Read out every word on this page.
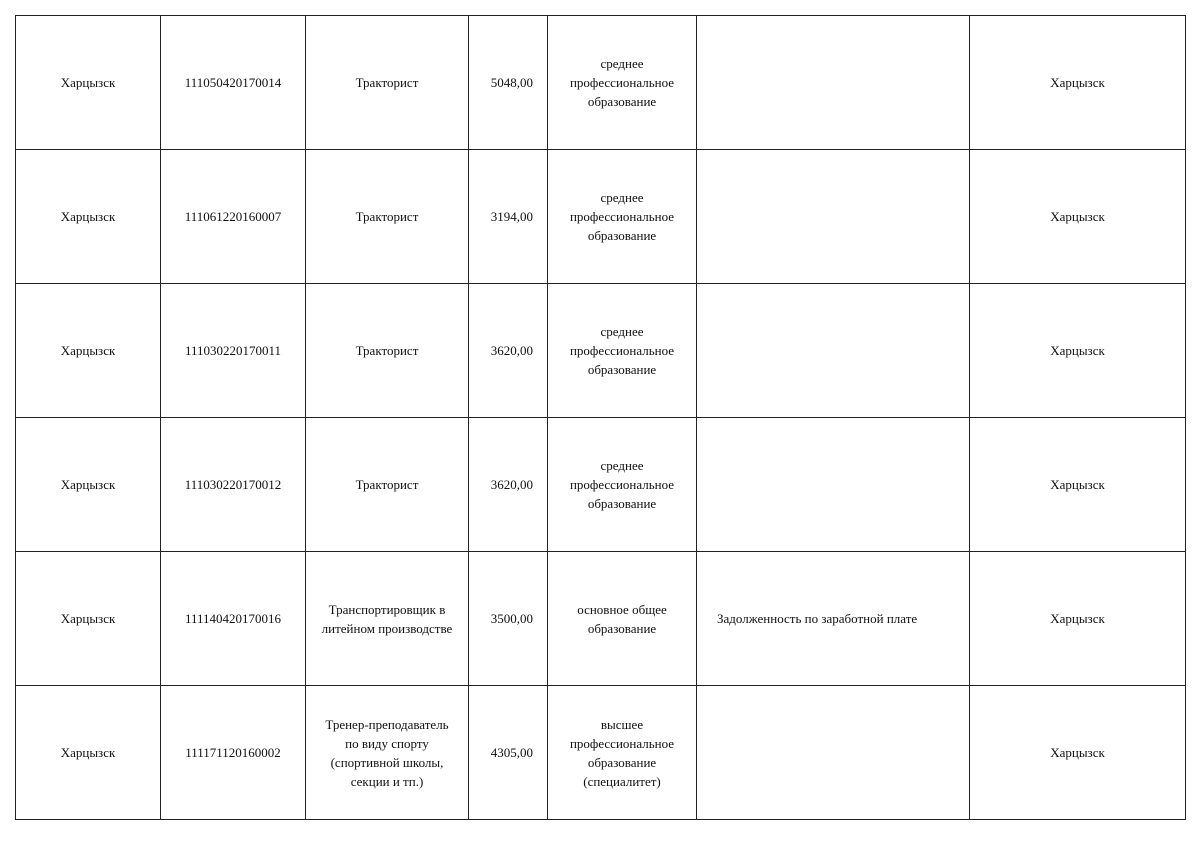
Харцызск	111050420170014	Тракторист	5048,00	среднее
профессиональное
образование		Харцызск
Харцызск	111061220160007	Тракторист	3194,00	среднее
профессиональное
образование		Харцызск
Харцызск	111030220170011	Тракторист	3620,00	среднее
профессиональное
образование		Харцызск
Харцызск	111030220170012	Тракторист	3620,00	среднее
профессиональное
образование		Харцызск
Харцызск	111140420170016	Транспортировщик в
литейном производстве	3500,00	основное общее
образование	Задолженность по заработной плате	Харцызск
Харцызск	111171120160002	Тренер-преподаватель
по виду спорту
(спортивной школы,
секции и тп.)	4305,00	высшее
профессиональное
образование
(специалитет)		Харцызск
